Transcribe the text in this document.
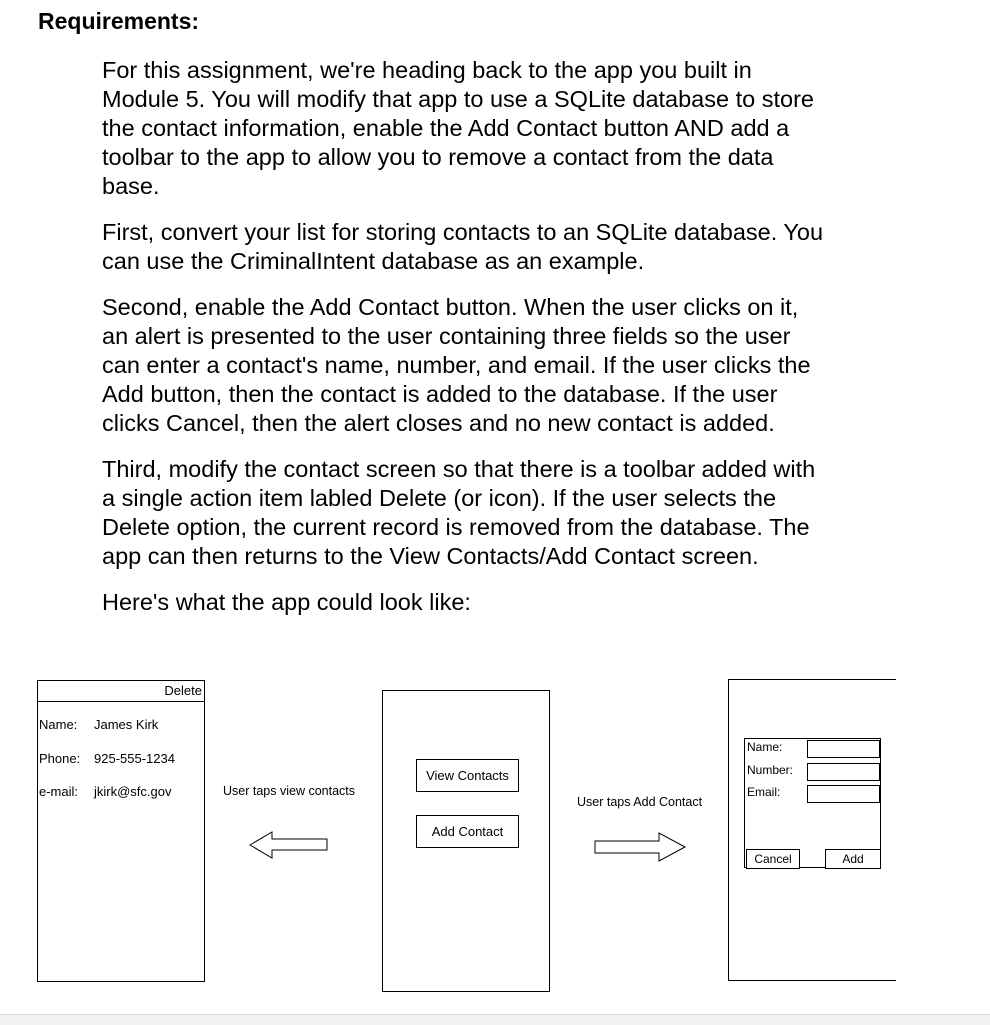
Requirements:

For this assignment, we're heading back to the app you built in
Module 5. You will modify that app to use a SQLite database to store
the contact information, enable the Add Contact button AND add a
toolbar to the app to allow you to remove a contact from the data
base.

First, convert your list for storing contacts to an SQLite database. You
can use the CriminalIntent database as an example.

Second, enable the Add Contact button. When the user clicks on it,
an alert is presented to the user containing three fields so the user
can enter a contact's name, number, and email. If the user clicks the
Add button, then the contact is added to the database. If the user
clicks Cancel, then the alert closes and no new contact is added.

Third, modify the contact screen so that there is a toolbar added with
a single action item labled Delete (or icon). If the user selects the
Delete option, the current record is removed from the database. The
app can then returns to the View Contacts/Add Contact screen.

Here's what the app could look like:

Delete
Name: James Kirk
Phone: 925-555-1234
e-mail: jkirk@sfc.gov	User taps view contacts
View Contacts
Add Contact
User taps Add Contact
Name:
Number:
Email:
Cancel	Add
